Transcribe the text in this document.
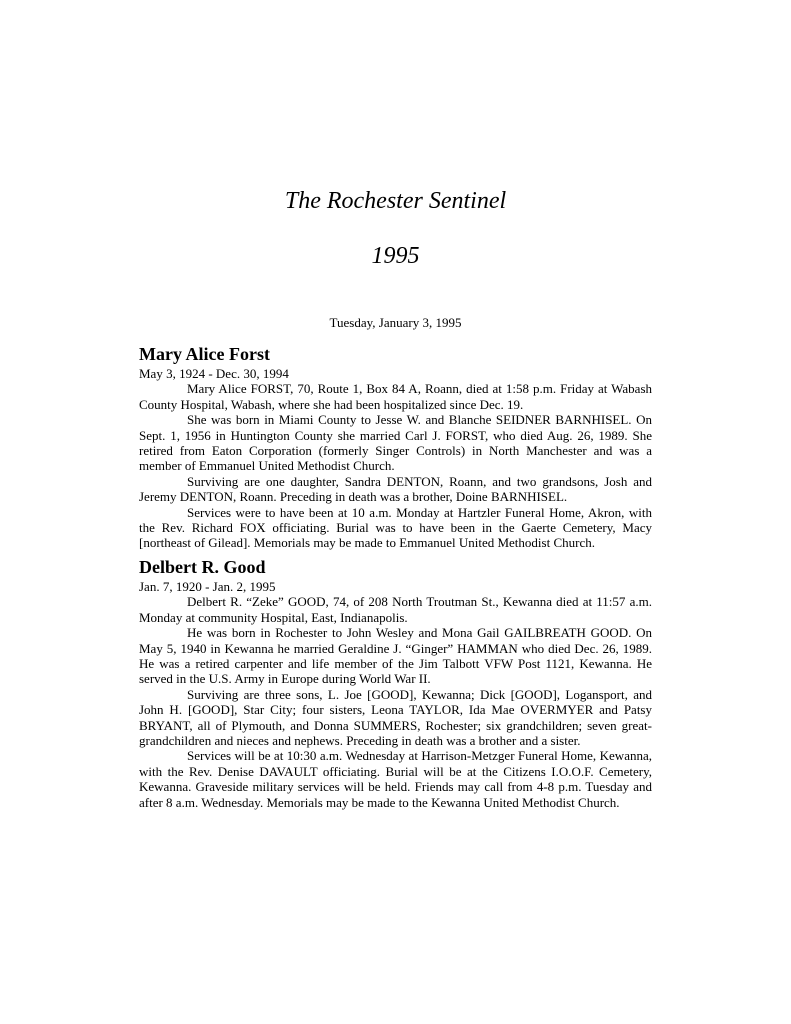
The Rochester Sentinel
1995
Tuesday, January 3, 1995
Mary Alice Forst

May 3, 1924 - Dec. 30, 1994

Mary Alice FORST, 70, Route 1, Box 84 A, Roann, died at 1:58 p.m. Friday at Wabash County Hospital, Wabash, where she had been hospitalized since Dec. 19.

She was born in Miami County to Jesse W. and Blanche SEIDNER BARNHISEL. On Sept. 1, 1956 in Huntington County she married Carl J. FORST, who died Aug. 26, 1989. She retired from Eaton Corporation (formerly Singer Controls) in North Manchester and was a member of Emmanuel United Methodist Church.

Surviving are one daughter, Sandra DENTON, Roann, and two grandsons, Josh and Jeremy DENTON, Roann. Preceding in death was a brother, Doine BARNHISEL.

Services were to have been at 10 a.m. Monday at Hartzler Funeral Home, Akron, with the Rev. Richard FOX officiating. Burial was to have been in the Gaerte Cemetery, Macy [northeast of Gilead]. Memorials may be made to Emmanuel United Methodist Church.

Delbert R. Good

Jan. 7, 1920 - Jan. 2, 1995

Delbert R. “Zeke” GOOD, 74, of 208 North Troutman St., Kewanna died at 11:57 a.m. Monday at community Hospital, East, Indianapolis.

He was born in Rochester to John Wesley and Mona Gail GAILBREATH GOOD. On May 5, 1940 in Kewanna he married Geraldine J. “Ginger” HAMMAN who died Dec. 26, 1989. He was a retired carpenter and life member of the Jim Talbott VFW Post 1121, Kewanna. He served in the U.S. Army in Europe during World War II.

Surviving are three sons, L. Joe [GOOD], Kewanna; Dick [GOOD], Logansport, and John H. [GOOD], Star City; four sisters, Leona TAYLOR, Ida Mae OVERMYER and Patsy BRYANT, all of Plymouth, and Donna SUMMERS, Rochester; six grandchildren; seven great-grandchildren and nieces and nephews. Preceding in death was a brother and a sister.

Services will be at 10:30 a.m. Wednesday at Harrison-Metzger Funeral Home, Kewanna, with the Rev. Denise DAVAULT officiating. Burial will be at the Citizens I.O.O.F. Cemetery, Kewanna. Graveside military services will be held. Friends may call from 4-8 p.m. Tuesday and after 8 a.m. Wednesday. Memorials may be made to the Kewanna United Methodist Church.
